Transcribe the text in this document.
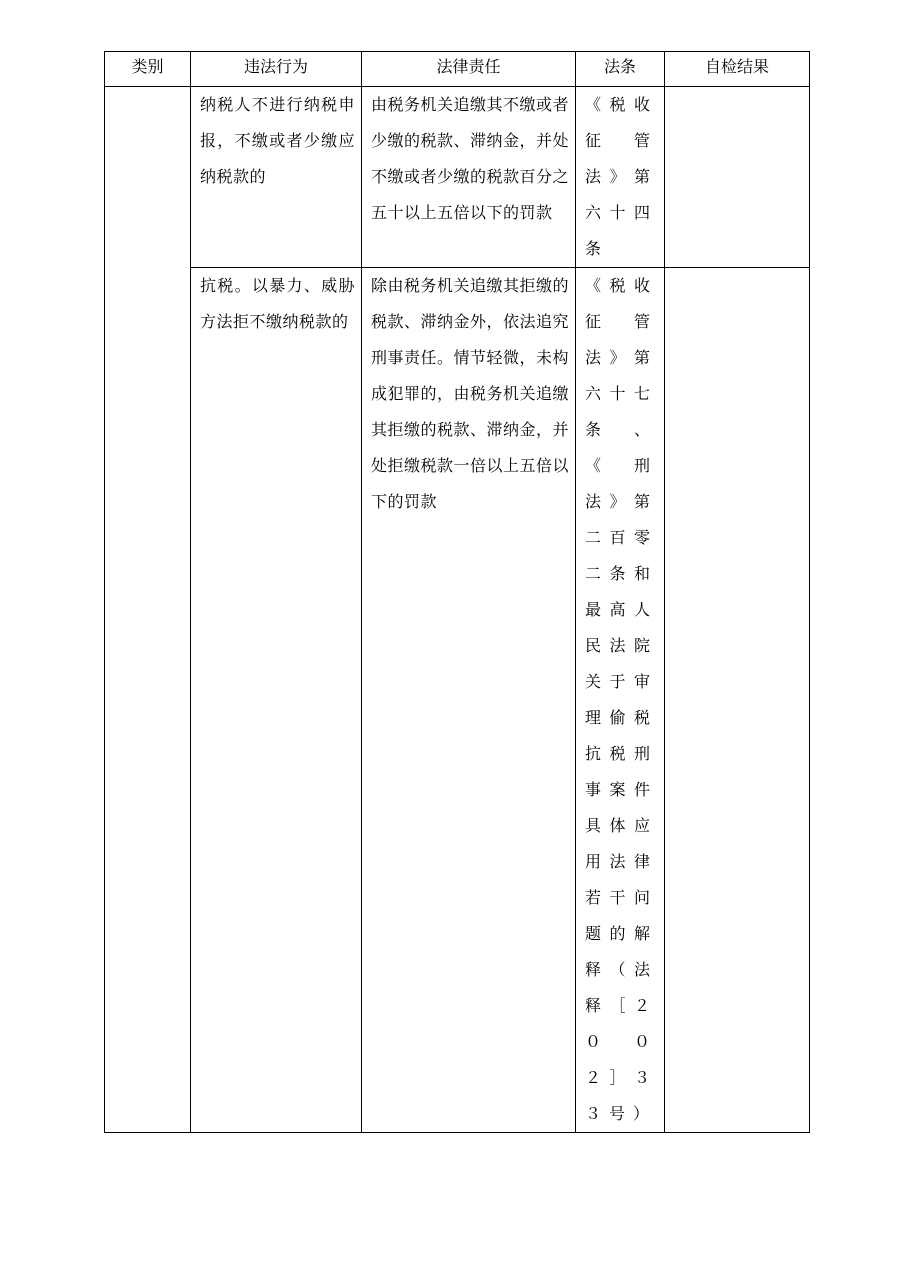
类别	违法行为	法律责任	法条	自检结果

	纳税人不进行纳税申报，不缴或者少缴应纳税款的	由税务机关追缴其不缴或者少缴的税款、滞纳金，并处不缴或者少缴的税款百分之五十以上五倍以下的罚款	《税收征管法》第六十四条	

	抗税。以暴力、威胁方法拒不缴纳税款的	除由税务机关追缴其拒缴的税款、滞纳金外，依法追究刑事责任。情节轻微，未构成犯罪的，由税务机关追缴其拒缴的税款、滞纳金，并处拒缴税款一倍以上五倍以下的罚款	《税收征管法》第六十七条、《刑法》第二百零二条和最高人民法院关于审理偷税抗税刑事案件具体应用法律若干问题的解释（法释［２００２］３３号）	
